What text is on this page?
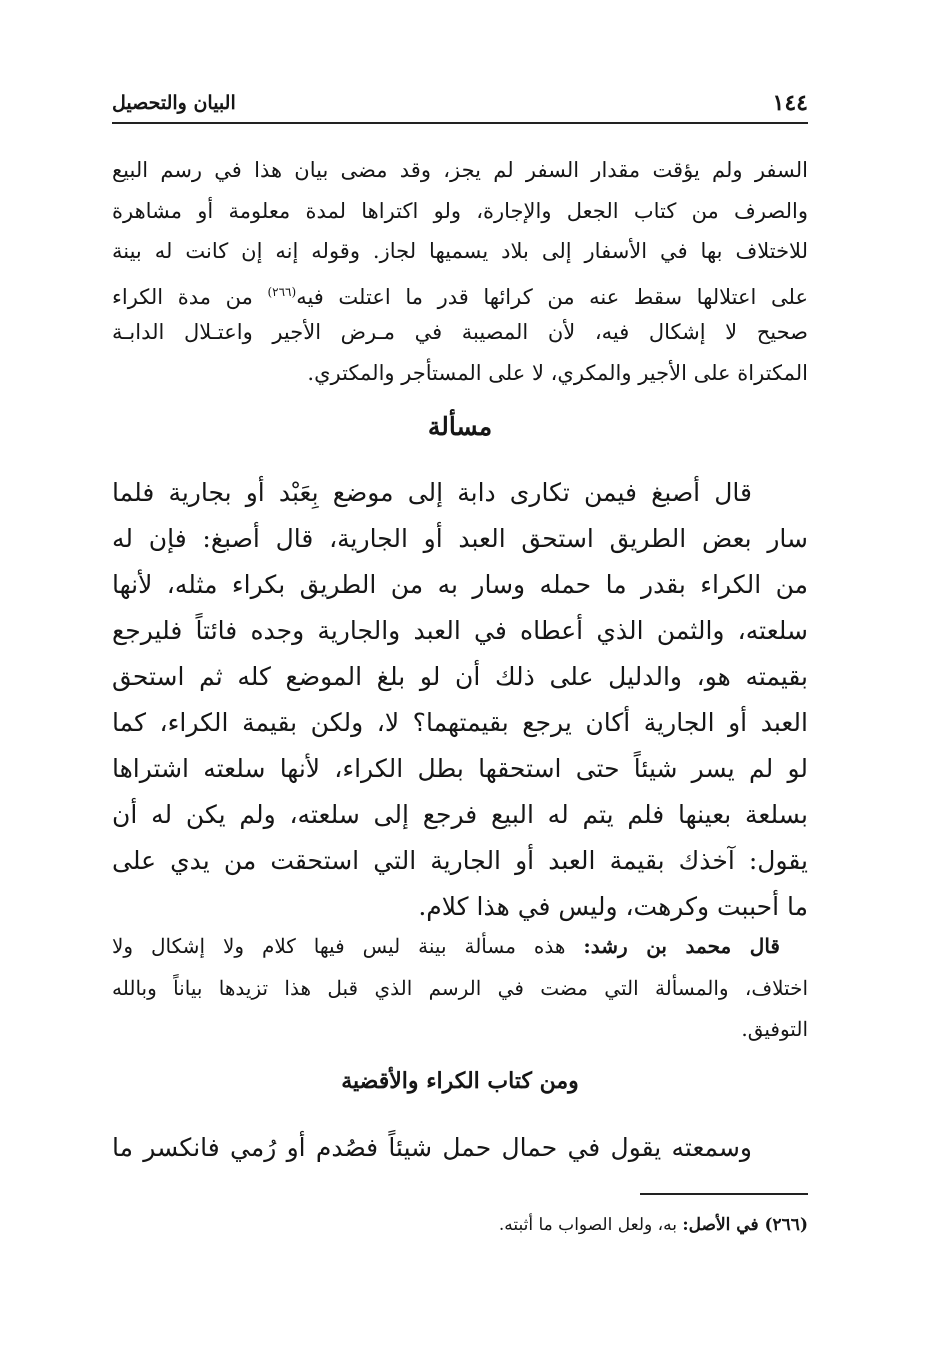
١٤٤
البيان والتحصيل
السفر ولم يؤقت مقدار السفر لم يجز، وقد مضى بيان هذا في رسم البيع
والصرف من كتاب الجعل والإجارة، ولو اكتراها لمدة معلومة أو مشاهرة
للاختلاف بها في الأسفار إلى بلاد يسميها لجاز. وقوله إنه إن كانت له بينة
على اعتلالها سقط عنه من كرائها قدر ما اعتلت فيه$^{(٢٦٦)}$ من مدة الكراء
صحيح لا إشكال فيه، لأن المصيبة في مـرض الأجير واعتـلال الدابـة
المكتراة على الأجير والمكري، لا على المستأجر والمكتري.
مسألة
قال أصبغ فيمن تكارى دابة إلى موضع بِعَبْد أو بجارية فلما
سار بعض الطريق استحق العبد أو الجارية، قال أصبغ: فإن له
من الكراء بقدر ما حمله وسار به من الطريق بكراء مثله، لأنها
سلعته، والثمن الذي أعطاه في العبد والجارية وجده فائتاً فليرجع
بقيمته هو، والدليل على ذلك أن لو بلغ الموضع كله ثم استحق
العبد أو الجارية أكان يرجع بقيمتهما؟ لا، ولكن بقيمة الكراء، كما
لو لم يسر شيئاً حتى استحقها بطل الكراء، لأنها سلعته اشتراها
بسلعة بعينها فلم يتم له البيع فرجع إلى سلعته، ولم يكن له أن
يقول: آخذك بقيمة العبد أو الجارية التي استحقت من يدي على
ما أحببت وكرهت، وليس في هذا كلام.
قال محمد بن رشد: هذه مسألة بينة ليس فيها كلام ولا إشكال ولا
اختلاف، والمسألة التي مضت في الرسم الذي قبل هذا تزيدها بياناً وبالله
التوفيق.
ومن كتاب الكراء والأقضية
وسمعته يقول في حمال حمل شيئاً فصُدم أو رُمي فانكسر ما
(٢٦٦) في الأصل: به، ولعل الصواب ما أثبته.
